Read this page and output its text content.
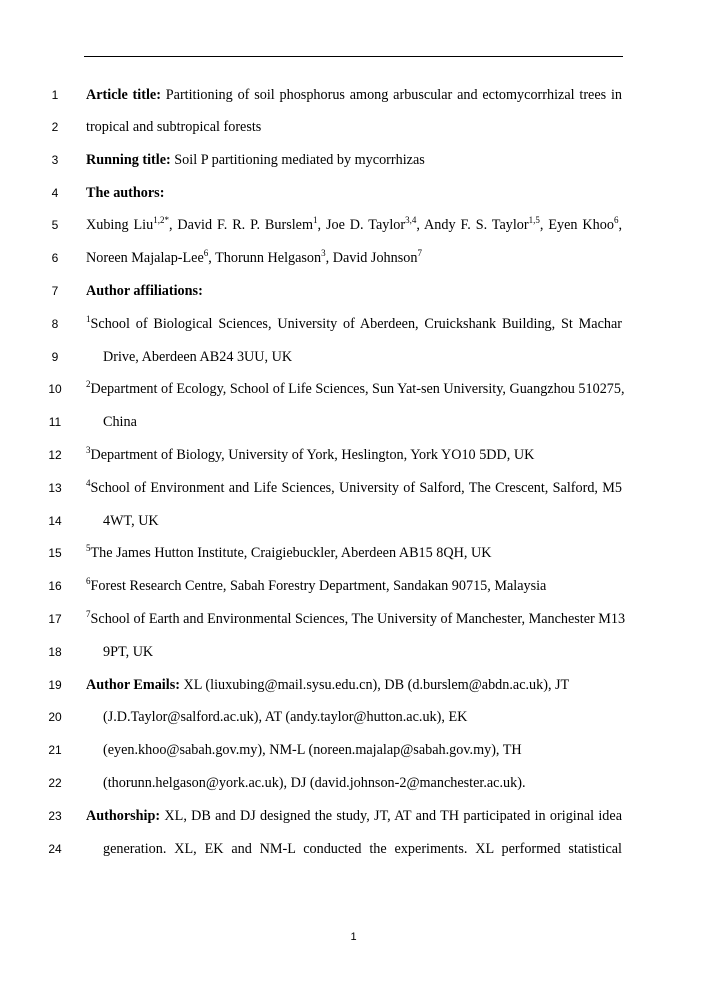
1	Article title: Partitioning of soil phosphorus among arbuscular and ectomycorrhizal trees in
2	tropical and subtropical forests
3	Running title: Soil P partitioning mediated by mycorrhizas
4	The authors:
5	Xubing Liu$^{1,2*}$, David F. R. P. Burslem$^1$, Joe D. Taylor$^{3,4}$, Andy F. S. Taylor$^{1,5}$, Eyen Khoo$^6$,
6	Noreen Majalap-Lee$^6$, Thorunn Helgason$^3$, David Johnson$^7$
7	Author affiliations:
8	$^1$School of Biological Sciences, University of Aberdeen, Cruickshank Building, St Machar
9	Drive, Aberdeen AB24 3UU, UK
10	$^2$Department of Ecology, School of Life Sciences, Sun Yat-sen University, Guangzhou 510275,
11	China
12	$^3$Department of Biology, University of York, Heslington, York YO10 5DD, UK
13	$^4$School of Environment and Life Sciences, University of Salford, The Crescent, Salford, M5
14	4WT, UK
15	$^5$The James Hutton Institute, Craigiebuckler, Aberdeen AB15 8QH, UK
16	$^6$Forest Research Centre, Sabah Forestry Department, Sandakan 90715, Malaysia
17	$^7$School of Earth and Environmental Sciences, The University of Manchester, Manchester M13
18	9PT, UK
19	Author Emails: XL (liuxubing@mail.sysu.edu.cn), DB (d.burslem@abdn.ac.uk), JT
20	(J.D.Taylor@salford.ac.uk), AT (andy.taylor@hutton.ac.uk), EK
21	(eyen.khoo@sabah.gov.my), NM-L (noreen.majalap@sabah.gov.my), TH
22	(thorunn.helgason@york.ac.uk), DJ (david.johnson-2@manchester.ac.uk).
23	Authorship: XL, DB and DJ designed the study, JT, AT and TH participated in original idea
24	generation. XL, EK and NM-L conducted the experiments. XL performed statistical
1
